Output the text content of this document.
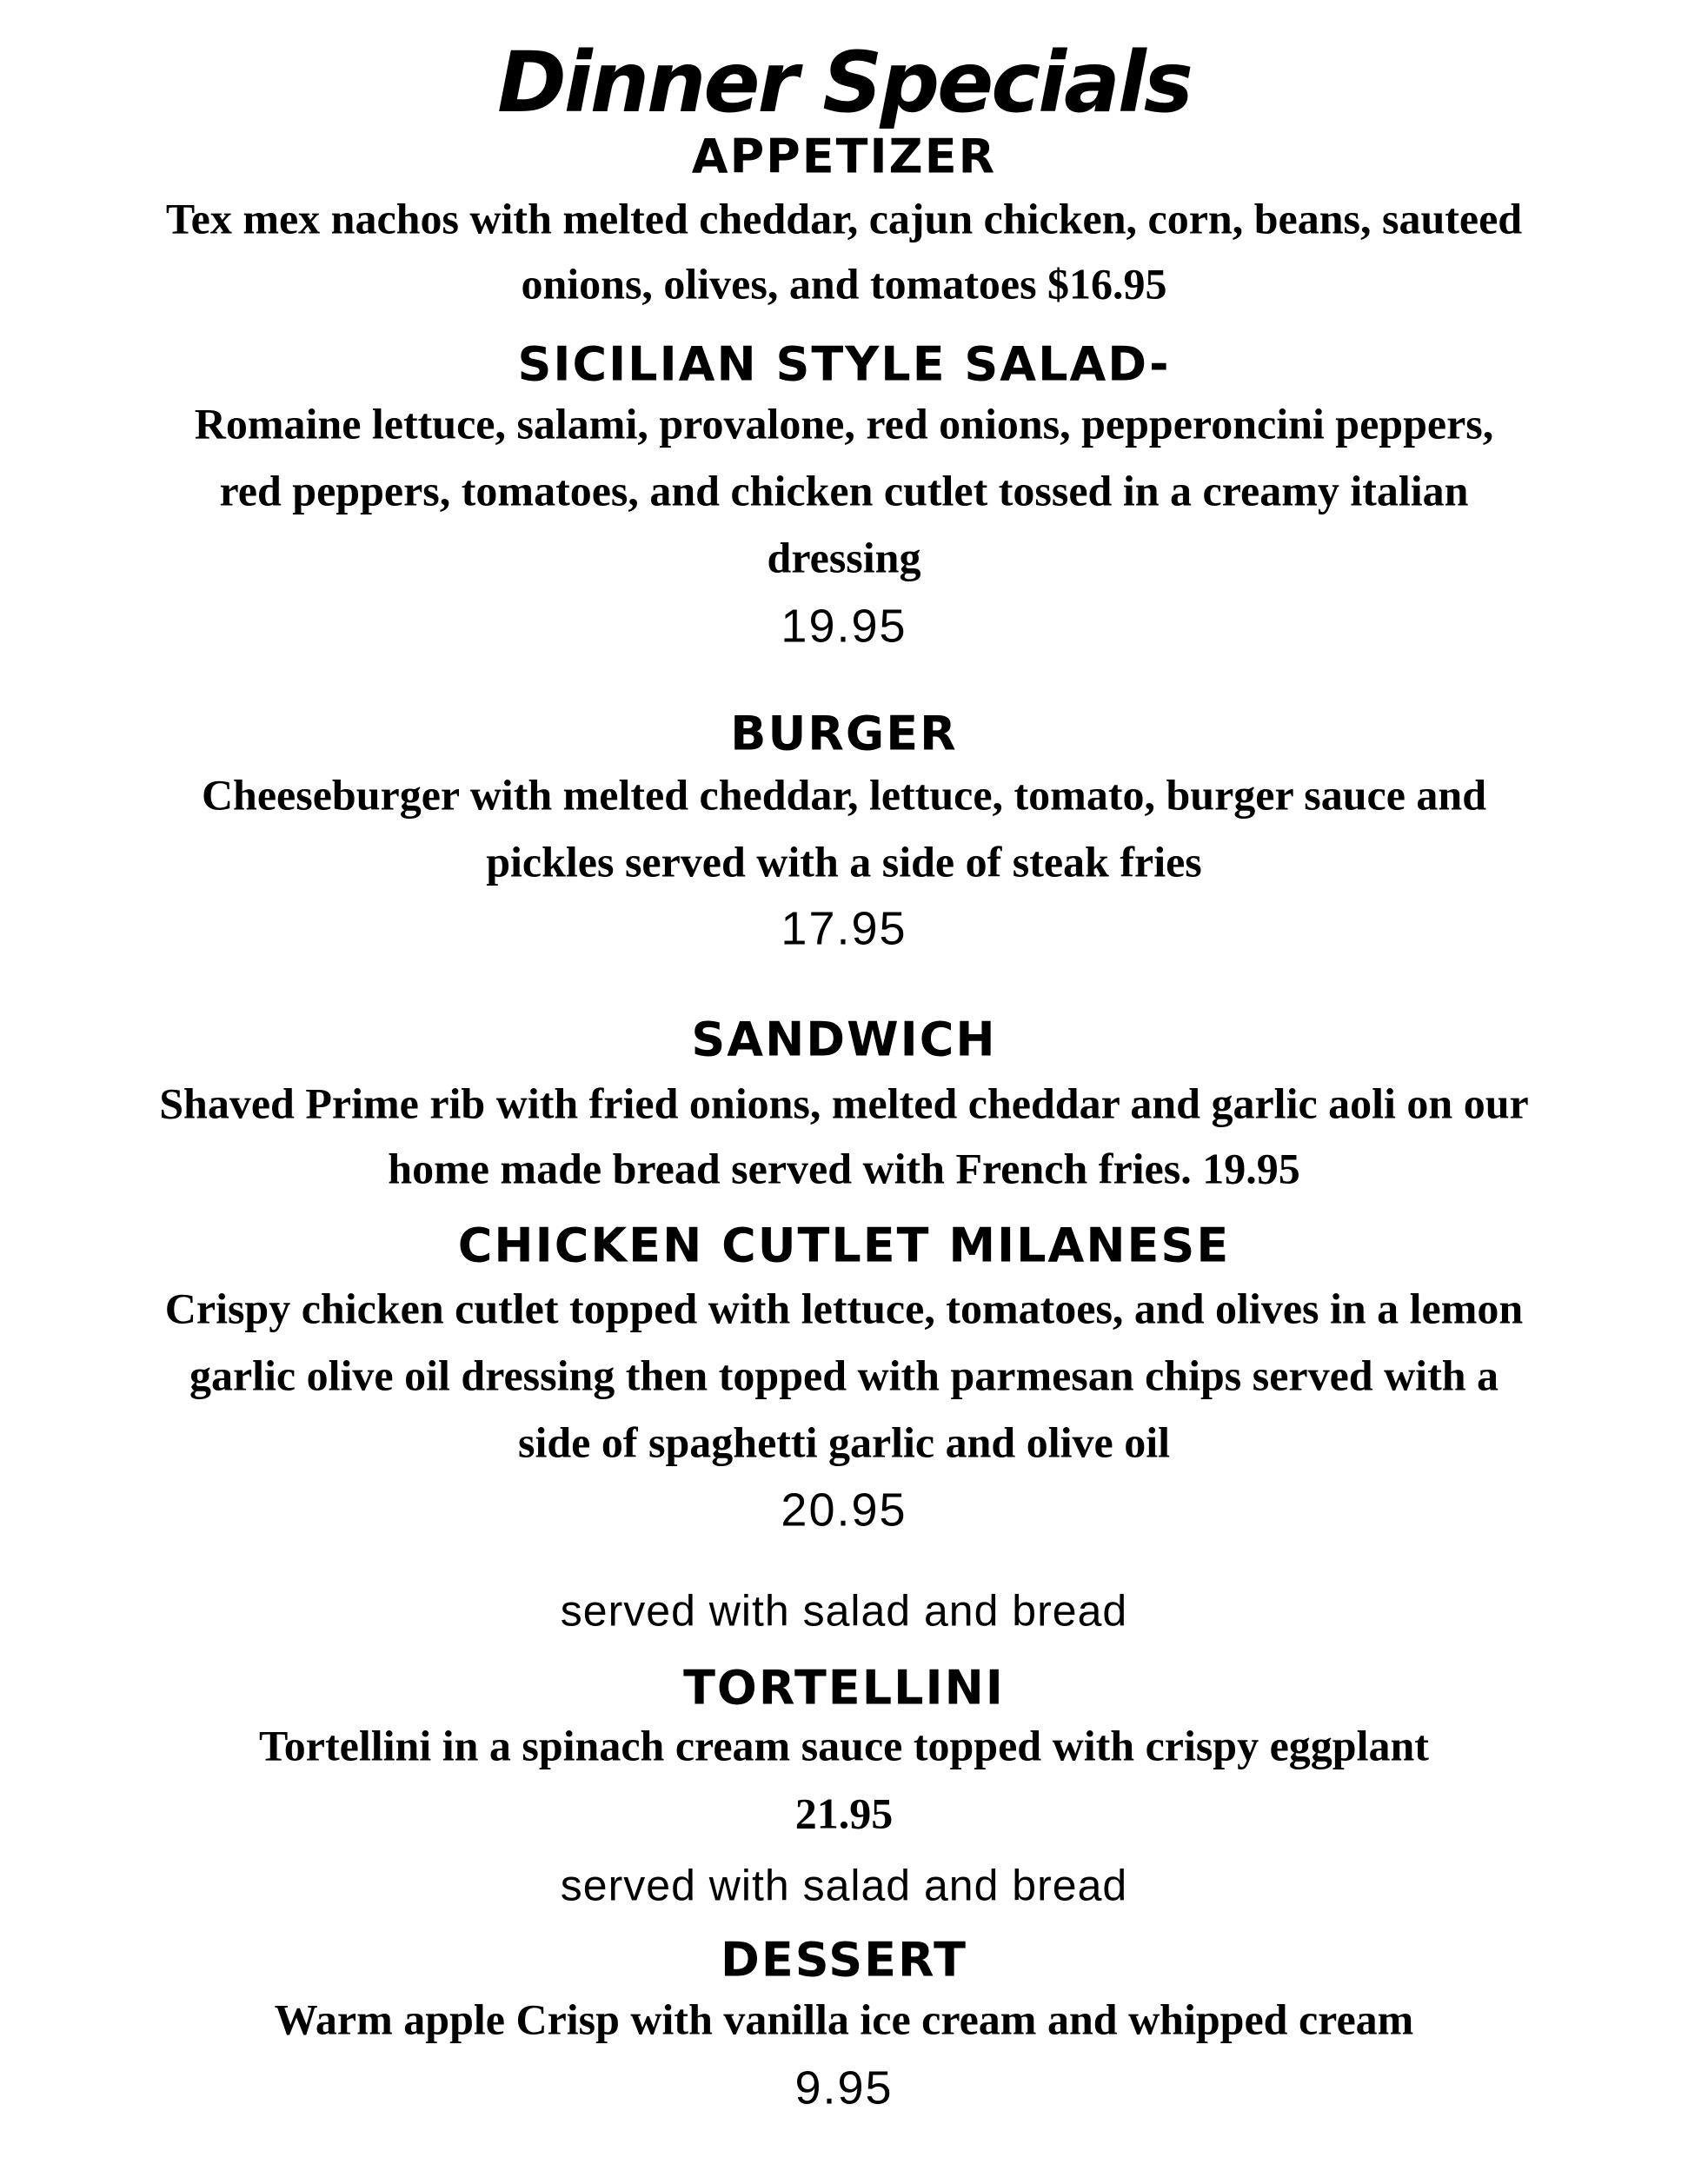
Dinner Specials
APPETIZER
Tex mex nachos with melted cheddar, cajun chicken, corn, beans, sauteed
onions, olives, and tomatoes $16.95
SICILIAN STYLE SALAD-
Romaine lettuce, salami, provalone, red onions, pepperoncini peppers,
red peppers, tomatoes, and chicken cutlet tossed in a creamy italian
dressing
19.95
BURGER
Cheeseburger with melted cheddar, lettuce, tomato, burger sauce and
pickles served with a side of steak fries
17.95
SANDWICH
Shaved Prime rib with fried onions, melted cheddar and garlic aoli on our
home made bread served with French fries. 19.95
CHICKEN CUTLET MILANESE
Crispy chicken cutlet topped with lettuce, tomatoes, and olives in a lemon
garlic olive oil dressing then topped with parmesan chips served with a
side of spaghetti garlic and olive oil
20.95
served with salad and bread
TORTELLINI
Tortellini in a spinach cream sauce topped with crispy eggplant
21.95
served with salad and bread
DESSERT
Warm apple Crisp with vanilla ice cream and whipped cream
9.95
